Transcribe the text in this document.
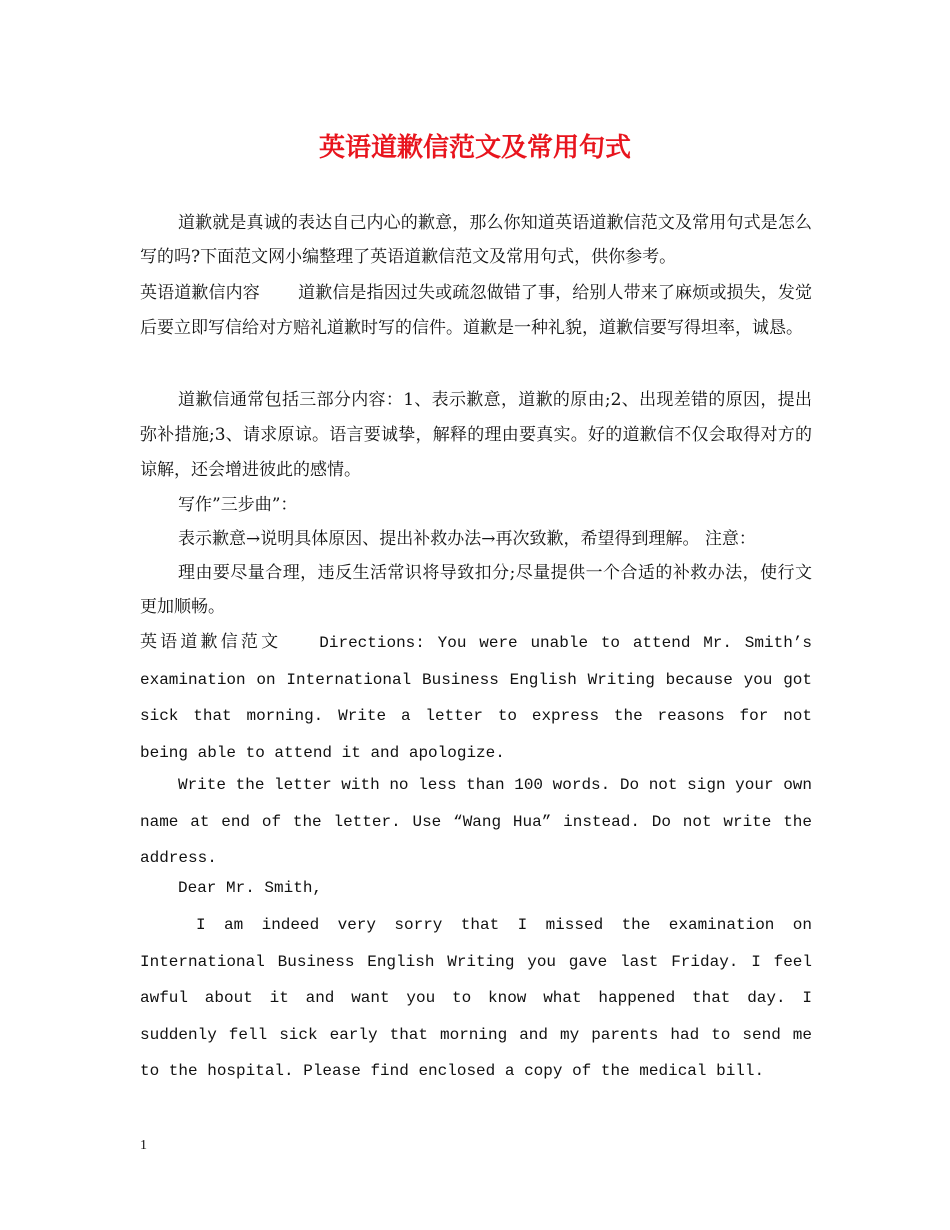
英语道歉信范文及常用句式

道歉就是真诚的表达自己内心的歉意，那么你知道英语道歉信范文及常用句式是怎么写的吗?下面范文网小编整理了英语道歉信范文及常用句式，供你参考。

英语道歉信内容 道歉信是指因过失或疏忽做错了事，给别人带来了麻烦或损失，发觉后要立即写信给对方赔礼道歉时写的信件。道歉是一种礼貌，道歉信要写得坦率，诚恳。

道歉信通常包括三部分内容：1、表示歉意，道歉的原由;2、出现差错的原因，提出弥补措施;3、请求原谅。语言要诚挚，解释的理由要真实。好的道歉信不仅会取得对方的谅解，还会增进彼此的感情。

写作”三步曲”：

表示歉意→说明具体原因、提出补救办法→再次致歉，希望得到理解。 注意：

理由要尽量合理，违反生活常识将导致扣分;尽量提供一个合适的补救办法，使行文更加顺畅。

英语道歉信范文 Directions: You were unable to attend Mr. Smith’s examination on International Business English Writing because you got sick that morning. Write a letter to express the reasons for not being able to attend it and apologize.

Write the letter with no less than 100 words. Do not sign your own name at end of the letter. Use “Wang Hua” instead. Do not write the address.

Dear Mr. Smith,

I am indeed very sorry that I missed the examination on International Business English Writing you gave last Friday. I feel awful about it and want you to know what happened that day. I suddenly fell sick early that morning and my parents had to send me to the hospital. Please find enclosed a copy of the medical bill.

1
